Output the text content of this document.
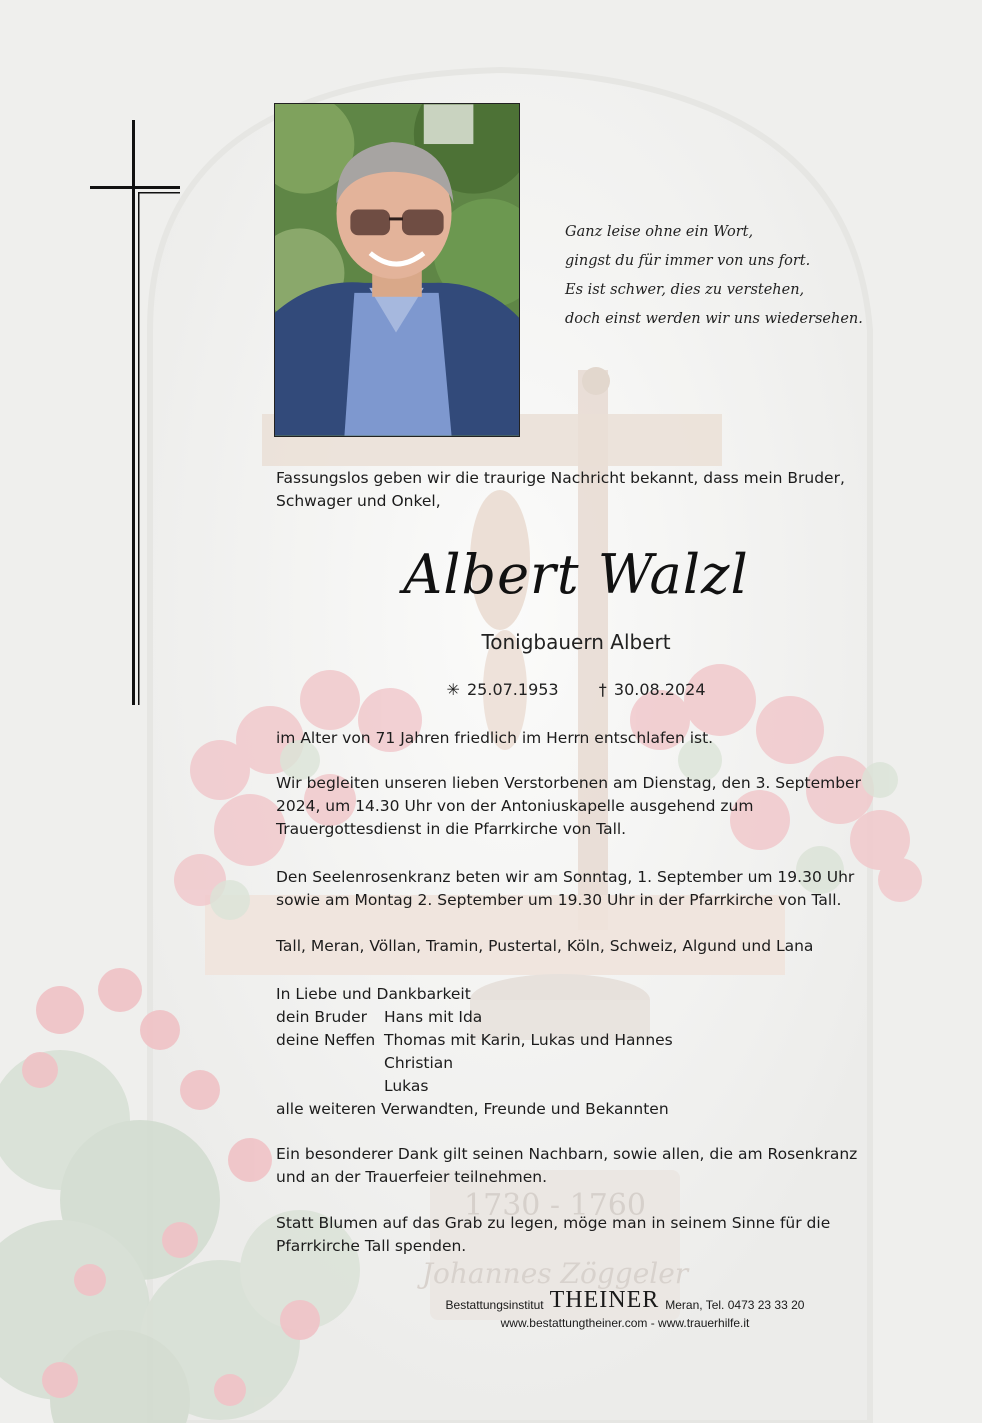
1730 - 1760
Johannes Zöggeler
Ganz leise ohne ein Wort,
gingst du für immer von uns fort.
Es ist schwer, dies zu verstehen,
doch einst werden wir uns wiedersehen.
Fassungslos geben wir die traurige Nachricht bekannt, dass mein Bruder, Schwager und Onkel,
Albert Walzl
Tonigbauern Albert
✳ 25.07.1953	† 30.08.2024
im Alter von 71 Jahren friedlich im Herrn entschlafen ist.
Wir begleiten unseren lieben Verstorbenen am Dienstag, den 3. September 2024, um 14.30 Uhr von der Antoniuskapelle ausgehend zum Trauergottesdienst in die Pfarrkirche von Tall.
Den Seelenrosenkranz beten wir am Sonntag, 1. September um 19.30 Uhr sowie am Montag 2. September um 19.30 Uhr in der Pfarrkirche von Tall.
Tall, Meran, Völlan, Tramin, Pustertal, Köln, Schweiz, Algund und Lana
In Liebe und Dankbarkeit
dein Bruder	Hans mit Ida
deine Neffen Thomas mit Karin, Lukas und Hannes
Christian
Lukas
alle weiteren Verwandten, Freunde und Bekannten
Ein besonderer Dank gilt seinen Nachbarn, sowie allen, die am Rosenkranz und an der Trauerfeier teilnehmen.
Statt Blumen auf das Grab zu legen, möge man in seinem Sinne für die Pfarrkirche Tall spenden.
Bestattungsinstitut THEINER Meran, Tel. 0473 23 33 20
www.bestattungtheiner.com - www.trauerhilfe.it
